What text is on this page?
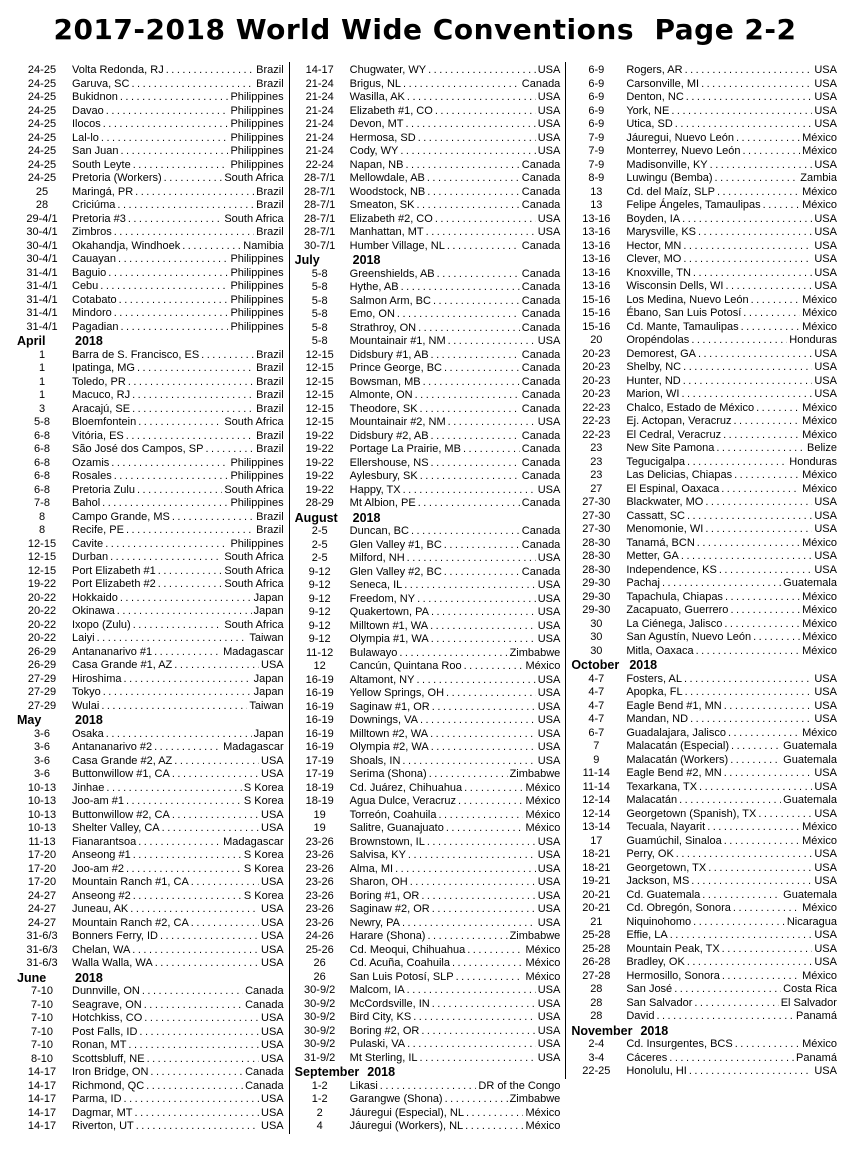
2017-2018 World Wide Conventions  Page 2-2
24-25	Volta Redonda, RJ .....	Brazil
24-25	Garuva, SC .....	Brazil
24-25	Bukidnon .....	Philippines
24-25	Davao .....	Philippines
24-25	Ilocos .....	Philippines
24-25	Lal-lo .....	Philippines
24-25	San Juan .....	Philippines
24-25	South Leyte .....	Philippines
24-25	Pretoria (Workers) .....	South Africa
25	Maringá, PR .....	Brazil
28	Criciúma .....	Brazil
29-4/1	Pretoria #3 .....	South Africa
30-4/1	Zimbros .....	Brazil
30-4/1	Okahandja, Windhoek .....	Namibia
30-4/1	Cauayan .....	Philippines
31-4/1	Baguio .....	Philippines
31-4/1	Cebu .....	Philippines
31-4/1	Cotabato .....	Philippines
31-4/1	Mindoro .....	Philippines
31-4/1	Pagadian .....	Philippines
April	2018
1	Barra de S. Francisco, ES .....	Brazil
1	Ipatinga, MG .....	Brazil
1	Toledo, PR .....	Brazil
1	Macuco, RJ .....	Brazil
3	Aracajú, SE .....	Brazil
5-8	Bloemfontein .....	South Africa
6-8	Vitória, ES .....	Brazil
6-8	São José dos Campos, SP .....	Brazil
6-8	Ozamis .....	Philippines
6-8	Rosales .....	Philippines
6-8	Pretoria Zulu .....	South Africa
7-8	Bahol .....	Philippines
8	Campo Grande, MS .....	Brazil
8	Recife, PE .....	Brazil
12-15	Cavite .....	Philippines
12-15	Durban .....	South Africa
12-15	Port Elizabeth #1 .....	South Africa
19-22	Port Elizabeth #2 .....	South Africa
20-22	Hokkaido .....	Japan
20-22	Okinawa .....	Japan
20-22	Ixopo (Zulu) .....	South Africa
20-22	Laiyi .....	Taiwan
26-29	Antananarivo #1 .....	Madagascar
26-29	Casa Grande #1, AZ .....	USA
27-29	Hiroshima .....	Japan
27-29	Tokyo .....	Japan
27-29	Wulai .....	Taiwan
May	2018
3-6	Osaka .....	Japan
3-6	Antananarivo #2 .....	Madagascar
3-6	Casa Grande #2, AZ .....	USA
3-6	Buttonwillow #1, CA .....	USA
10-13	Jinhae .....	S Korea
10-13	Joo-am #1 .....	S Korea
10-13	Buttonwillow #2, CA .....	USA
10-13	Shelter Valley, CA .....	USA
11-13	Fianarantsoa .....	Madagascar
17-20	Anseong #1 .....	S Korea
17-20	Joo-am #2 .....	S Korea
17-20	Mountain Ranch #1, CA .....	USA
24-27	Anseong #2 .....	S Korea
24-27	Juneau, AK .....	USA
24-27	Mountain Ranch #2, CA .....	USA
31-6/3	Bonners Ferry, ID .....	USA
31-6/3	Chelan, WA .....	USA
31-6/3	Walla Walla, WA .....	USA
June	2018
7-10	Dunnville, ON .....	Canada
7-10	Seagrave, ON .....	Canada
7-10	Hotchkiss, CO .....	USA
7-10	Post Falls, ID .....	USA
7-10	Ronan, MT .....	USA
8-10	Scottsbluff, NE .....	USA
14-17	Iron Bridge, ON .....	Canada
14-17	Richmond, QC .....	Canada
14-17	Parma, ID .....	USA
14-17	Dagmar, MT .....	USA
14-17	Riverton, UT .....	USA
14-17	Chugwater, WY .....	USA
21-24	Brigus, NL .....	Canada
21-24	Wasilla, AK .....	USA
21-24	Elizabeth #1, CO .....	USA
21-24	Devon, MT .....	USA
21-24	Hermosa, SD .....	USA
21-24	Cody, WY .....	USA
22-24	Napan, NB .....	Canada
28-7/1	Mellowdale, AB .....	Canada
28-7/1	Woodstock, NB .....	Canada
28-7/1	Smeaton, SK .....	Canada
28-7/1	Elizabeth #2, CO .....	USA
28-7/1	Manhattan, MT .....	USA
30-7/1	Humber Village, NL .....	Canada
July	2018
5-8	Greenshields, AB .....	Canada
5-8	Hythe, AB .....	Canada
5-8	Salmon Arm, BC .....	Canada
5-8	Emo, ON .....	Canada
5-8	Strathroy, ON .....	Canada
5-8	Mountainair #1, NM .....	USA
12-15	Didsbury #1, AB .....	Canada
12-15	Prince George, BC .....	Canada
12-15	Bowsman, MB .....	Canada
12-15	Almonte, ON .....	Canada
12-15	Theodore, SK .....	Canada
12-15	Mountainair #2, NM .....	USA
19-22	Didsbury #2, AB .....	Canada
19-22	Portage La Prairie, MB .....	Canada
19-22	Ellershouse, NS .....	Canada
19-22	Aylesbury, SK .....	Canada
19-22	Happy, TX .....	USA
28-29	Mt Albion, PE .....	Canada
August	2018
2-5	Duncan, BC .....	Canada
2-5	Glen Valley #1, BC .....	Canada
2-5	Milford, NH .....	USA
9-12	Glen Valley #2, BC .....	Canada
9-12	Seneca, IL .....	USA
9-12	Freedom, NY .....	USA
9-12	Quakertown, PA .....	USA
9-12	Milltown #1, WA .....	USA
9-12	Olympia #1, WA .....	USA
11-12	Bulawayo .....	Zimbabwe
12	Cancún, Quintana Roo .....	México
16-19	Altamont, NY .....	USA
16-19	Yellow Springs, OH .....	USA
16-19	Saginaw #1, OR .....	USA
16-19	Downings, VA .....	USA
16-19	Milltown #2, WA .....	USA
16-19	Olympia #2, WA .....	USA
17-19	Shoals, IN .....	USA
17-19	Serima (Shona) .....	Zimbabwe
18-19	Cd. Juárez, Chihuahua .....	México
18-19	Agua Dulce, Veracruz .....	México
19	Torreón, Coahuila .....	México
19	Salitre, Guanajuato .....	México
23-26	Brownstown, IL .....	USA
23-26	Salvisa, KY .....	USA
23-26	Alma, MI .....	USA
23-26	Sharon, OH .....	USA
23-26	Boring #1, OR .....	USA
23-26	Saginaw #2, OR .....	USA
23-26	Newry, PA .....	USA
24-26	Harare (Shona) .....	Zimbabwe
25-26	Cd. Meoqui, Chihuahua .....	México
26	Cd. Acuña, Coahuila .....	México
26	San Luis Potosí, SLP .....	México
30-9/2	Malcom, IA .....	USA
30-9/2	McCordsville, IN .....	USA
30-9/2	Bird City, KS .....	USA
30-9/2	Boring #2, OR .....	USA
30-9/2	Pulaski, VA .....	USA
31-9/2	Mt Sterling, IL .....	USA
September 2018
1-2	Likasi .....	DR of the Congo
1-2	Garangwe (Shona) .....	Zimbabwe
2	Jáuregui (Especial), NL .....	México
4	Jáuregui (Workers), NL .....	México
6-9	Rogers, AR .....	USA
6-9	Carsonville, MI .....	USA
6-9	Denton, NC .....	USA
6-9	York, NE .....	USA
6-9	Utica, SD .....	USA
7-9	Jáuregui, Nuevo León .....	México
7-9	Monterrey, Nuevo León .....	México
7-9	Madisonville, KY .....	USA
8-9	Luwingu (Bemba) .....	Zambia
13	Cd. del Maíz, SLP .....	México
13	Felipe Ángeles, Tamaulipas .....	México
13-16	Boyden, IA .....	USA
13-16	Marysville, KS .....	USA
13-16	Hector, MN .....	USA
13-16	Clever, MO .....	USA
13-16	Knoxville, TN .....	USA
13-16	Wisconsin Dells, WI .....	USA
15-16	Los Medina, Nuevo León .....	México
15-16	Ébano, San Luis Potosí .....	México
15-16	Cd. Mante, Tamaulipas .....	México
20	Oropéndolas .....	Honduras
20-23	Demorest, GA .....	USA
20-23	Shelby, NC .....	USA
20-23	Hunter, ND .....	USA
20-23	Marion, WI .....	USA
22-23	Chalco, Estado de México .....	México
22-23	Ej. Actopan, Veracruz .....	México
22-23	El Cedral, Veracruz .....	México
23	New Site Pamona .....	Belize
23	Tegucigalpa .....	Honduras
23	Las Delicias, Chiapas .....	México
27	El Espinal, Oaxaca .....	México
27-30	Blackwater, MO .....	USA
27-30	Cassatt, SC .....	USA
27-30	Menomonie, WI .....	USA
28-30	Tanamá, BCN .....	México
28-30	Metter, GA .....	USA
28-30	Independence, KS .....	USA
29-30	Pachaj .....	Guatemala
29-30	Tapachula, Chiapas .....	México
29-30	Zacapuato, Guerrero .....	México
30	La Ciénega, Jalisco .....	México
30	San Agustín, Nuevo León .....	México
30	Mitla, Oaxaca .....	México
October 2018
4-7	Fosters, AL .....	USA
4-7	Apopka, FL .....	USA
4-7	Eagle Bend #1, MN .....	USA
4-7	Mandan, ND .....	USA
6-7	Guadalajara, Jalisco .....	México
7	Malacatán (Especial) .....	Guatemala
9	Malacatán (Workers) .....	Guatemala
11-14	Eagle Bend #2, MN .....	USA
11-14	Texarkana, TX .....	USA
12-14	Malacatán .....	Guatemala
12-14	Georgetown (Spanish), TX .....	USA
13-14	Tecuala, Nayarit .....	México
17	Guamúchil, Sinaloa .....	México
18-21	Perry, OK .....	USA
18-21	Georgetown, TX .....	USA
19-21	Jackson, MS .....	USA
20-21	Cd. Guatemala .....	Guatemala
20-21	Cd. Obregón, Sonora .....	México
21	Niquinohomo .....	Nicaragua
25-28	Effie, LA .....	USA
25-28	Mountain Peak, TX .....	USA
26-28	Bradley, OK .....	USA
27-28	Hermosillo, Sonora .....	México
28	San José .....	Costa Rica
28	San Salvador .....	El Salvador
28	David .....	Panamá
November 2018
2-4	Cd. Insurgentes, BCS .....	México
3-4	Cáceres .....	Panamá
22-25	Honolulu, HI .....	USA
